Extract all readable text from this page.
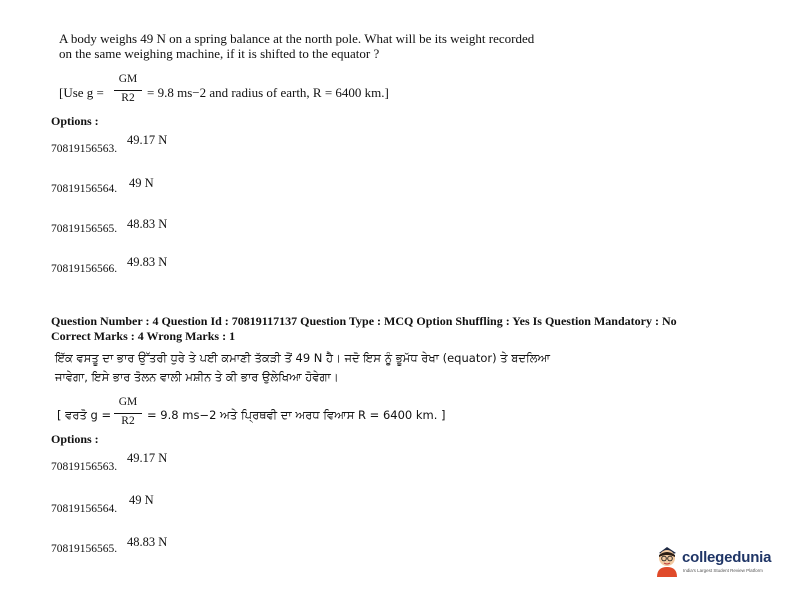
A body weighs 49 N on a spring balance at the north pole. What will be its weight recorded
on the same weighing machine, if it is shifted to the equator ?
[Use g =
GM
R2 = 9.8 ms−2 and radius of earth, R = 6400 km.]
Options :
70819156563.
49.17 N
70819156564. 49 N
70819156565. 48.83 N
70819156566. 49.83 N
Question Number : 4 Question Id : 70819117137 Question Type : MCQ Option Shuffling : Yes Is Question Mandatory : No
Correct Marks : 4 Wrong Marks : 1
ਇੱਕ ਵਸਤੂ ਦਾ ਭਾਰ ਉੱਤਰੀ ਧੁਰੇ ਤੇ ਪਈ ਕਮਾਣੀ ਤੱਕੜੀ ਤੋਂ 49 N ਹੈ। ਜਦੋ ਇਸ ਨੂੰ ਭੂਮੱਧ ਰੇਖਾ (equator) ਤੇ ਬਦਲਿਆ
ਜਾਵੇਗਾ, ਇਸੇ ਭਾਰ ਤੋਲਨ ਵਾਲੀ ਮਸ਼ੀਨ ਤੇ ਕੀ ਭਾਰ ਉਲੇਖਿਆ ਹੋਵੇਗਾ।
[ ਵਰਤੋ g =
GM
R2	= 9.8 ms−2 ਅਤੇ ਪ੍ਰਿਥਵੀ ਦਾ ਅਰਧ ਵਿਆਸ R = 6400 km. ]
Options :
70819156563.
49.17 N
70819156564.
49 N
70819156565. 48.83 N
collegedunia
India's Largest Student Review Platform
